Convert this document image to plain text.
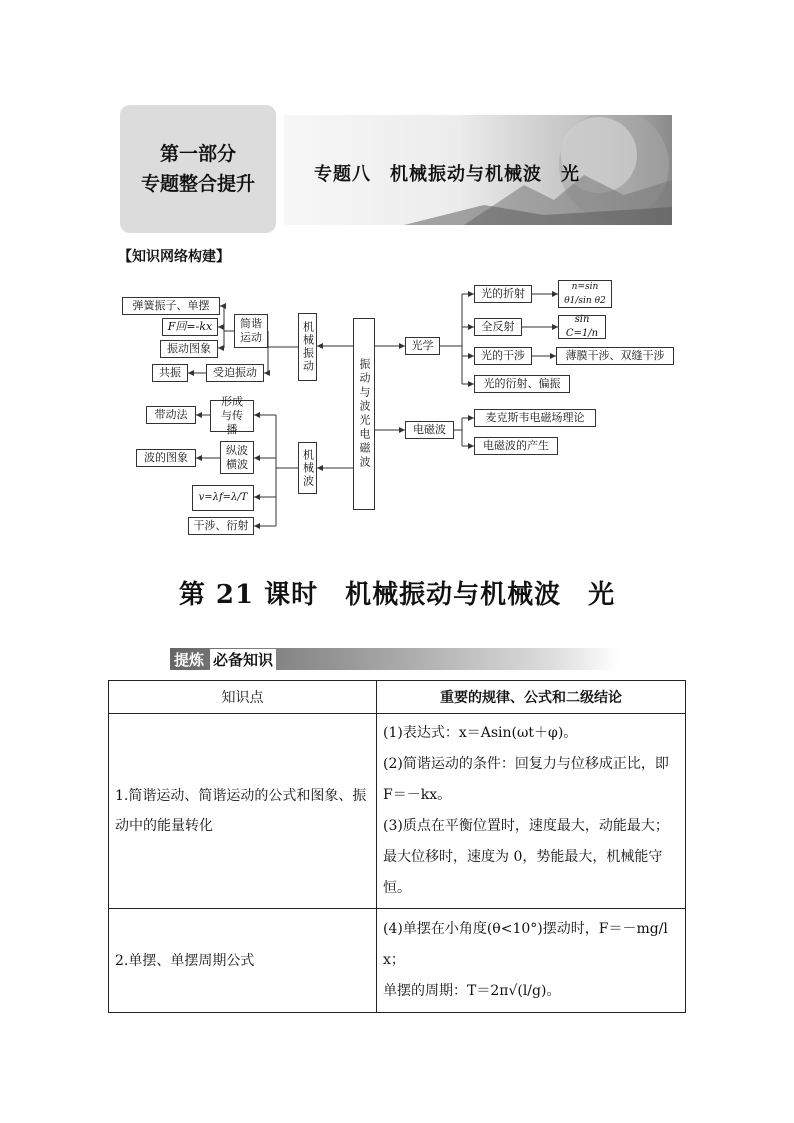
第一部分
专题整合提升	专题八　机械振动与机械波　光
【知识网络构建】
振动与波光电磁波
机械振动
机械波
光学
电磁波
简谐运动
弹簧振子、单摆
F回=-kx
振动图象
受迫振动
共振
形成与传播
带动法
纵波横波
波的图象
v=λf=λ/T
干涉、衍射
光的折射	n=sin θ1/sin θ2
全反射
sin C=1/n
光的干涉	薄膜干涉、双缝干涉
光的衍射、偏振
麦克斯韦电磁场理论
电磁波的产生
第 21 课时　机械振动与机械波　光
提炼 必备知识
知识点	重要的规律、公式和二级结论
1.简谐运动、简谐运动的公式和图象、振动中的能量转化	(1)表达式：x＝Asin(ωt＋φ)。
(2)简谐运动的条件：回复力与位移成正比，即 F＝－kx。
(3)质点在平衡位置时，速度最大，动能最大；最大位移时，速度为 0，势能最大，机械能守恒。

2.单摆、单摆周期公式	(4)单摆在小角度(θ<10°)摆动时，F＝－mg/l x；
单摆的周期：T＝2π√(l/g)。
